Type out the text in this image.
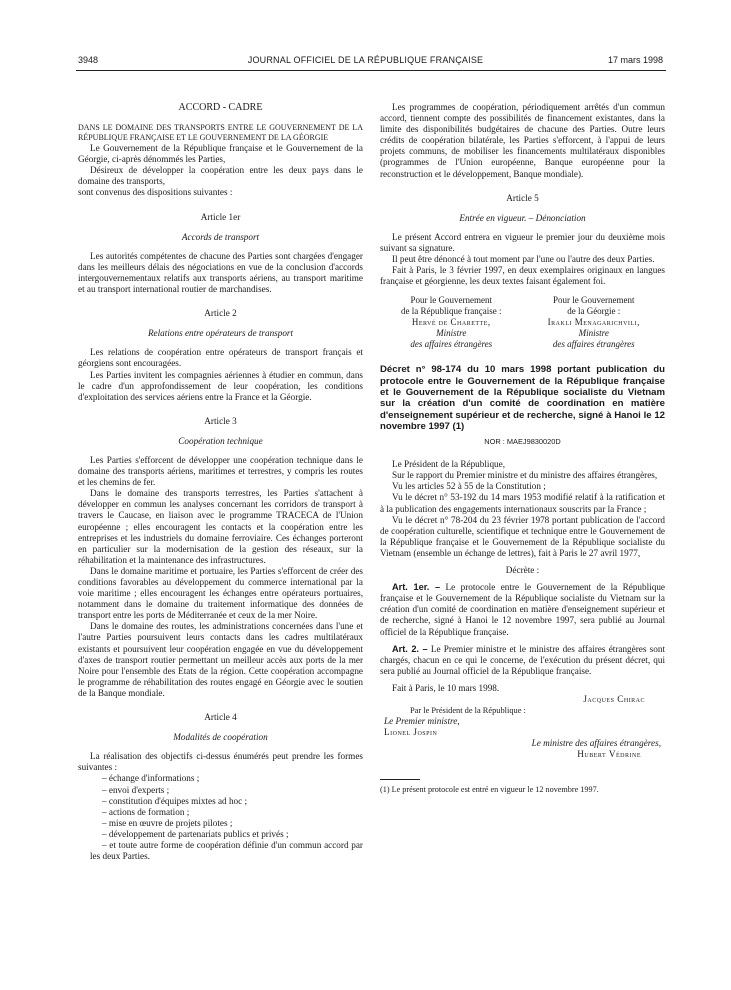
3948	JOURNAL OFFICIEL DE LA RÉPUBLIQUE FRANÇAISE	17 mars 1998
ACCORD - CADRE

DANS LE DOMAINE DES TRANSPORTS ENTRE LE GOUVERNEMENT DE LA RÉPUBLIQUE FRANÇAISE ET LE GOUVERNEMENT DE LA GÉORGIE

Le Gouvernement de la République française et le Gouvernement de la Géorgie, ci-après dénommés les Parties,

Désireux de développer la coopération entre les deux pays dans le domaine des transports,

sont convenus des dispositions suivantes :

Article 1er
Accords de transport

Les autorités compétentes de chacune des Parties sont chargées d'engager dans les meilleurs délais des négociations en vue de la conclusion d'accords intergouvernementaux relatifs aux transports aériens, au transport maritime et au transport international routier de marchandises.

Article 2
Relations entre opérateurs de transport

Les relations de coopération entre opérateurs de transport français et géorgiens sont encouragées.

Les Parties invitent les compagnies aériennes à étudier en commun, dans le cadre d'un approfondissement de leur coopération, les conditions d'exploitation des services aériens entre la France et la Géorgie.

Article 3
Coopération technique

Les Parties s'efforcent de développer une coopération technique dans le domaine des transports aériens, maritimes et terrestres, y compris les routes et les chemins de fer.

Dans le domaine des transports terrestres, les Parties s'attachent à développer en commun les analyses concernant les corridors de transport à travers le Caucase, en liaison avec le programme TRACECA de l'Union européenne ; elles encouragent les contacts et la coopération entre les entreprises et les industriels du domaine ferroviaire. Ces échanges porteront en particulier sur la modernisation de la gestion des réseaux, sur la réhabilitation et la maintenance des infrastructures.

Dans le domaine maritime et portuaire, les Parties s'efforcent de créer des conditions favorables au développement du commerce international par la voie maritime ; elles encouragent les échanges entre opérateurs portuaires, notamment dans le domaine du traitement informatique des données de transport entre les ports de Méditerranée et ceux de la mer Noire.

Dans le domaine des routes, les administrations concernées dans l'une et l'autre Parties poursuivent leurs contacts dans les cadres multilatéraux existants et poursuivent leur coopération engagée en vue du développement d'axes de transport routier permettant un meilleur accès aux ports de la mer Noire pour l'ensemble des Etats de la région. Cette coopération accompagne le programme de réhabilitation des routes engagé en Géorgie avec le soutien de la Banque mondiale.

Article 4
Modalités de coopération

La réalisation des objectifs ci-dessus énumérés peut prendre les formes suivantes :

– échange d'informations ;

– envoi d'experts ;

– constitution d'équipes mixtes ad hoc ;

– actions de formation ;

– mise en œuvre de projets pilotes ;

– développement de partenariats publics et privés ;

– et toute autre forme de coopération définie d'un commun accord par les deux Parties.

Les programmes de coopération, périodiquement arrêtés d'un commun accord, tiennent compte des possibilités de financement existantes, dans la limite des disponibilités budgétaires de chacune des Parties. Outre leurs crédits de coopération bilatérale, les Parties s'efforcent, à l'appui de leurs projets communs, de mobiliser les financements multilatéraux disponibles (programmes de l'Union européenne, Banque européenne pour la reconstruction et le développement, Banque mondiale).

Article 5
Entrée en vigueur. – Dénonciation

Le présent Accord entrera en vigueur le premier jour du deuxième mois suivant sa signature.

Il peut être dénoncé à tout moment par l'une ou l'autre des deux Parties.

Fait à Paris, le 3 février 1997, en deux exemplaires originaux en langues française et géorgienne, les deux textes faisant également foi.

Pour le Gouvernement
de la République française :
Hervé de Charette,
Ministre
des affaires étrangères
Pour le Gouvernement
de la Géorgie :
Irakli Menagarichvili,
Ministre
des affaires étrangères
Décret n° 98-174 du 10 mars 1998 portant publication du protocole entre le Gouvernement de la République française et le Gouvernement de la République socialiste du Vietnam sur la création d'un comité de coordination en matière d'enseignement supérieur et de recherche, signé à Hanoi le 12 novembre 1997 (1)
NOR : MAEJ9830020D

Le Président de la République,

Sur le rapport du Premier ministre et du ministre des affaires étrangères,

Vu les articles 52 à 55 de la Constitution ;

Vu le décret n° 53-192 du 14 mars 1953 modifié relatif à la ratification et à la publication des engagements internationaux souscrits par la France ;

Vu le décret n° 78-204 du 23 février 1978 portant publication de l'accord de coopération culturelle, scientifique et technique entre le Gouvernement de la République française et le Gouvernement de la République socialiste du Vietnam (ensemble un échange de lettres), fait à Paris le 27 avril 1977,

Décrète :

Art. 1er. – Le protocole entre le Gouvernement de la République française et le Gouvernement de la République socialiste du Vietnam sur la création d'un comité de coordination en matière d'enseignement supérieur et de recherche, signé à Hanoi le 12 novembre 1997, sera publié au Journal officiel de la République française.

Art. 2. – Le Premier ministre et le ministre des affaires étrangères sont chargés, chacun en ce qui le concerne, de l'exécution du présent décret, qui sera publié au Journal officiel de la République française.

Fait à Paris, le 10 mars 1998.

Jacques Chirac
Par le Président de la République :
Le Premier ministre,
Lionel Jospin
Le ministre des affaires étrangères,
Hubert Védrine

(1) Le présent protocole est entré en vigueur le 12 novembre 1997.
